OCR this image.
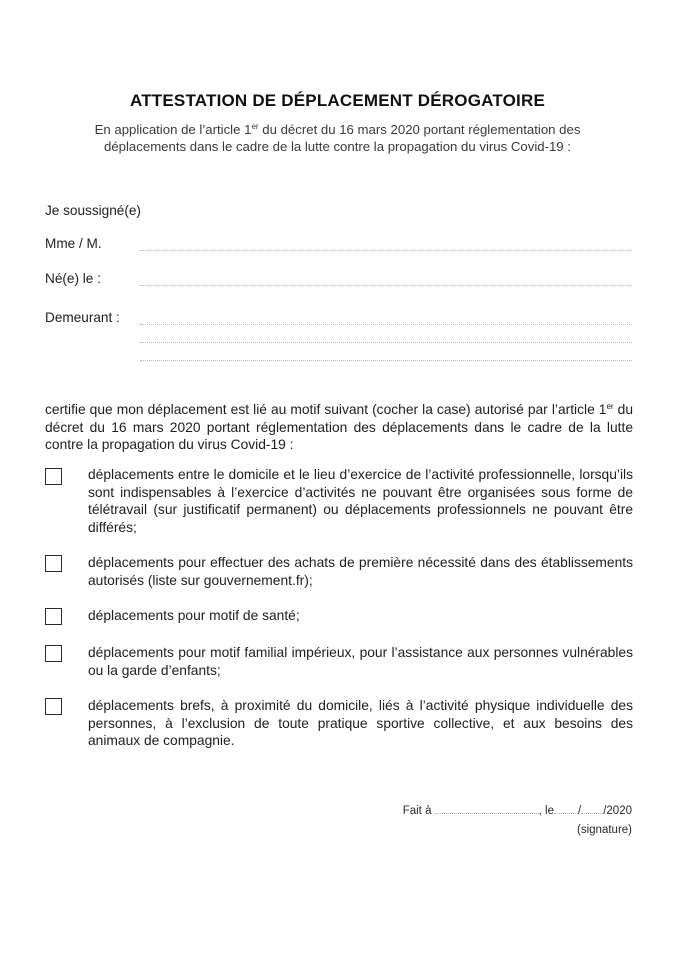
ATTESTATION DE DÉPLACEMENT DÉROGATOIRE
En application de l’article 1er du décret du 16 mars 2020 portant réglementation des déplacements dans le cadre de la lutte contre la propagation du virus Covid-19 :
Je soussigné(e)
Mme / M.
Né(e) le :
Demeurant :
certifie que mon déplacement est lié au motif suivant (cocher la case) autorisé par l’article 1er du décret du 16 mars 2020 portant réglementation des déplacements dans le cadre de la lutte contre la propagation du virus Covid-19 :
déplacements entre le domicile et le lieu d’exercice de l’activité professionnelle, lorsqu’ils sont indispensables à l’exercice d’activités ne pouvant être organisées sous forme de télétravail (sur justificatif permanent) ou déplacements professionnels ne pouvant être différés;
déplacements pour effectuer des achats de première nécessité dans des établissements autorisés (liste sur gouvernement.fr);
déplacements pour motif de santé;
déplacements pour motif familial impérieux, pour l’assistance aux personnes vulnérables ou la garde d’enfants;
déplacements brefs, à proximité du domicile, liés à l’activité physique individuelle des personnes, à l’exclusion de toute pratique sportive collective, et aux besoins des animaux de compagnie.
Fait à	, le / /2020
(signature)
